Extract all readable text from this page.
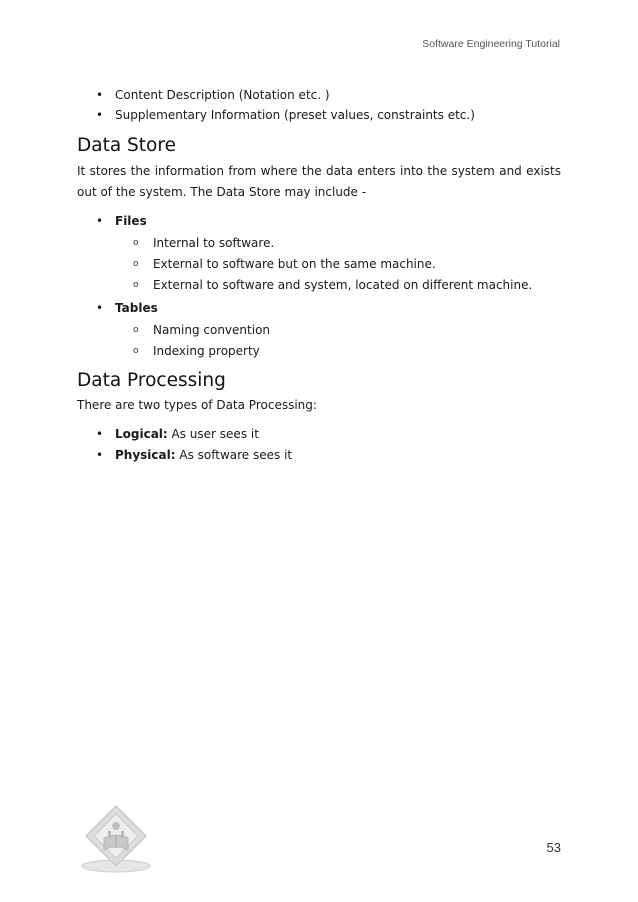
Software Engineering Tutorial
• Content Description (Notation etc. )
• Supplementary Information (preset values, constraints etc.)
Data Store

It stores the information from where the data enters into the system and exists out of the system. The Data Store may include -

• Files
o Internal to software.
o External to software but on the same machine.
o External to software and system, located on different machine.
• Tables
o Naming convention
o Indexing property
Data Processing

There are two types of Data Processing:

• Logical: As user sees it
• Physical: As software sees it
53
